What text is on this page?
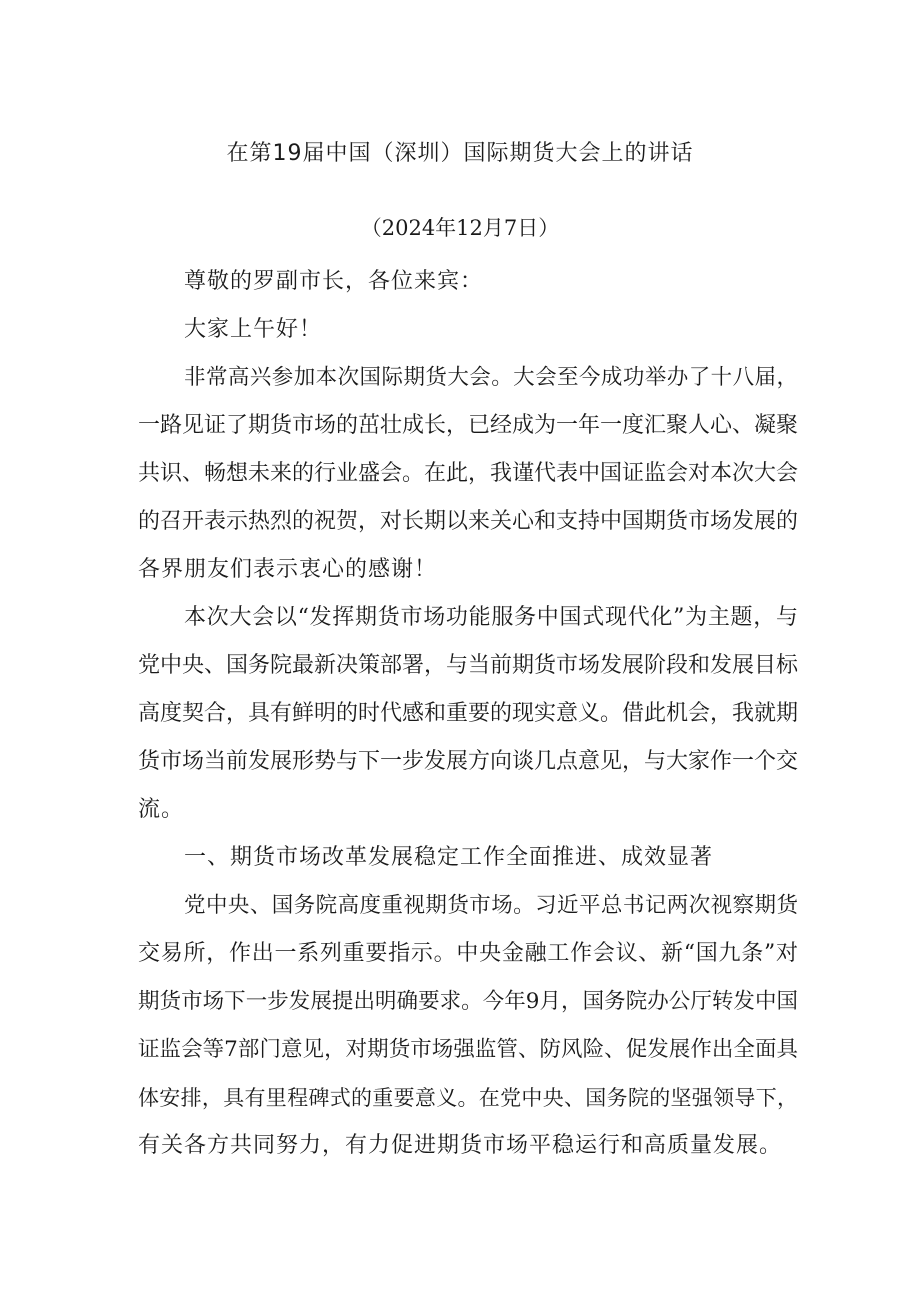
在第19届中国（深圳）国际期货大会上的讲话
（2024年12月7日）
尊敬的罗副市长，各位来宾：
大家上午好！
非常高兴参加本次国际期货大会。大会至今成功举办了十八届，
一路见证了期货市场的茁壮成长，已经成为一年一度汇聚人心、凝聚
共识、畅想未来的行业盛会。在此，我谨代表中国证监会对本次大会
的召开表示热烈的祝贺，对长期以来关心和支持中国期货市场发展的
各界朋友们表示衷心的感谢！
本次大会以“发挥期货市场功能服务中国式现代化”为主题，与
党中央、国务院最新决策部署，与当前期货市场发展阶段和发展目标
高度契合，具有鲜明的时代感和重要的现实意义。借此机会，我就期
货市场当前发展形势与下一步发展方向谈几点意见，与大家作一个交
流。
一、期货市场改革发展稳定工作全面推进、成效显著
党中央、国务院高度重视期货市场。习近平总书记两次视察期货
交易所，作出一系列重要指示。中央金融工作会议、新“国九条”对
期货市场下一步发展提出明确要求。今年9月，国务院办公厅转发中国
证监会等7部门意见，对期货市场强监管、防风险、促发展作出全面具
体安排，具有里程碑式的重要意义。在党中央、国务院的坚强领导下，
有关各方共同努力，有力促进期货市场平稳运行和高质量发展。
